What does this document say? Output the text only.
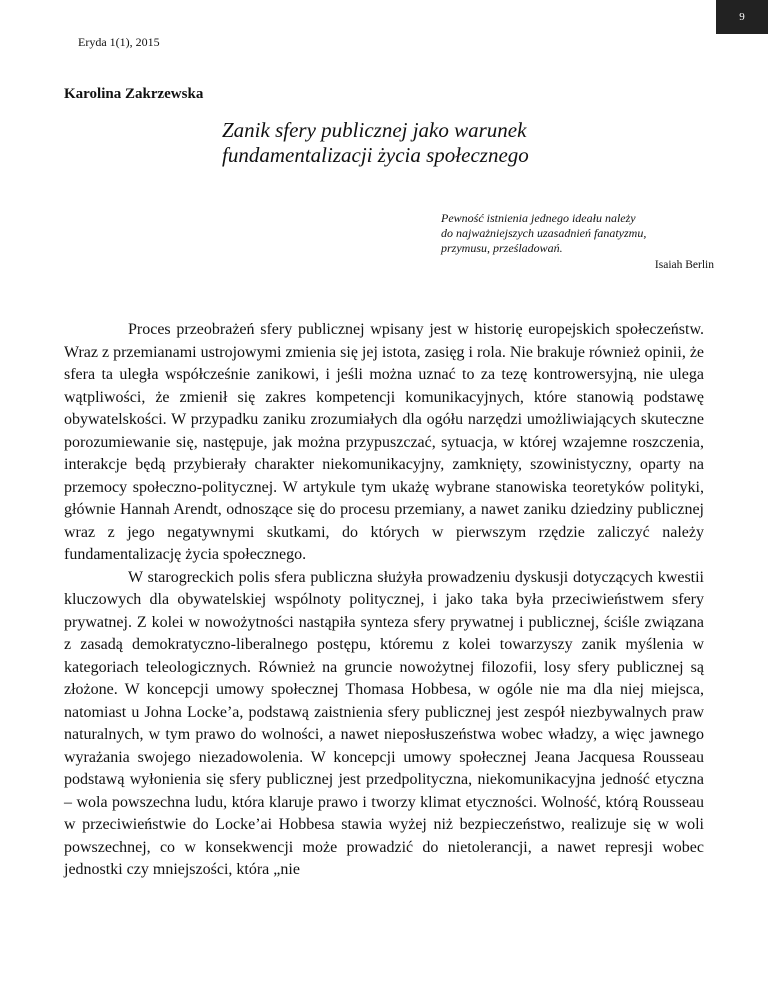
9
Eryda 1(1), 2015
Karolina Zakrzewska
Zanik sfery publicznej jako warunek
fundamentalizacji życia społecznego
Pewność istnienia jednego ideału należy
do najważniejszych uzasadnień fanatyzmu,
przymusu, prześladowań.
Isaiah Berlin

Proces przeobrażeń sfery publicznej wpisany jest w historię europejskich społeczeństw. Wraz z przemianami ustrojowymi zmienia się jej istota, zasięg i rola. Nie brakuje również opinii, że sfera ta uległa współcześnie zanikowi, i jeśli można uznać to za tezę kontrowersyjną, nie ulega wątpliwości, że zmienił się zakres kompetencji komunikacyjnych, które stanowią podstawę obywatelskości. W przypadku zaniku zrozumiałych dla ogółu narzędzi umożliwiających skuteczne porozumiewanie się, następuje, jak można przypuszczać, sytuacja, w której wzajemne roszczenia, interakcje będą przybierały charakter niekomunikacyjny, zamknięty, szowinistyczny, oparty na przemocy społeczno-​politycznej. W artykule tym ukażę wybrane stanowiska teoretyków polityki, głównie Hannah Arendt, odnoszące się do procesu przemiany, a nawet zaniku dziedziny publicznej wraz z jego negatywnymi skutkami, do których w pierwszym rzędzie zaliczyć należy fundamentalizację życia społecznego.

W starogreckich polis sfera publiczna służyła prowadzeniu dyskusji dotyczących kwestii kluczowych dla obywatelskiej wspólnoty politycznej, i jako taka była przeciwieństwem sfery prywatnej. Z kolei w nowożytności nastąpiła synteza sfery prywatnej i publicznej, ściśle związana z zasadą demokratyczno-liberalnego postępu, któremu z kolei towarzyszy zanik myślenia w kategoriach teleologicznych. Również na gruncie nowożytnej filozofii, losy sfery publicznej są złożone. W koncepcji umowy społecznej Thomasa Hobbesa, w ogóle nie ma dla niej miejsca, natomiast u Johna Locke’a, podstawą zaistnienia sfery publicznej jest zespół niezbywalnych praw naturalnych, w tym prawo do wolności, a nawet nieposłuszeństwa wobec władzy, a więc jawnego wyrażania swojego niezadowolenia. W koncepcji umowy społecznej Jeana Jacquesa Rousseau podstawą wyłonienia się sfery publicznej jest przedpolityczna, niekomunikacyjna jedność etyczna – wola powszechna ludu, która klaruje prawo i tworzy klimat etyczności. Wolność, którą Rousseau w przeciwieństwie do Locke’ai Hobbesa stawia wyżej niż bezpieczeństwo, realizuje się w woli powszechnej, co w konsekwencji może prowadzić do nietolerancji, a nawet represji wobec jednostki czy mniejszości, która „nie
